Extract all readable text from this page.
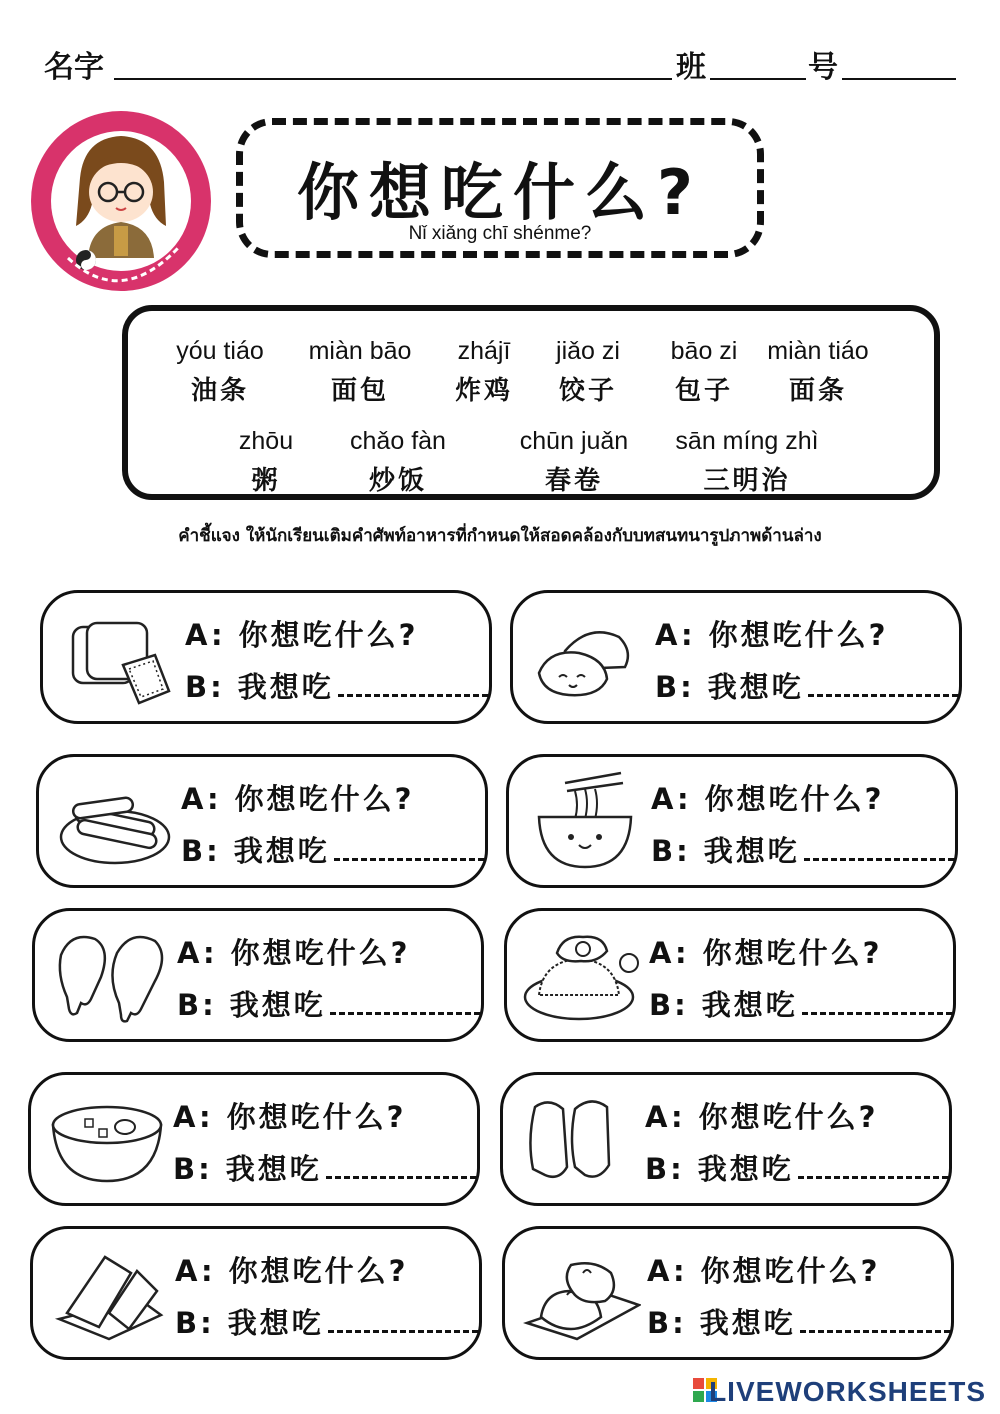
名字	班	号
你想吃什么?
Nǐ xiǎng chī shénme?
yóu tiáo
油条
miàn bāo
面包
zhájī
炸鸡
jiǎo zi
饺子
bāo zi
包子
miàn tiáo
面条
zhōu
粥
chǎo fàn
炒饭
chūn juǎn
春卷
sān míng zhì
三明治
คำชี้แจง ให้นักเรียนเติมคำศัพท์อาหารที่กำหนดให้สอดคล้องกับบทสนทนารูปภาพด้านล่าง
A: 你想吃什么?
B: 我想吃
A: 你想吃什么?
B: 我想吃
A: 你想吃什么?
B: 我想吃
A: 你想吃什么?
B: 我想吃
A: 你想吃什么?
B: 我想吃
A: 你想吃什么?
B: 我想吃
A: 你想吃什么?
B: 我想吃
A: 你想吃什么?
B: 我想吃
A: 你想吃什么?
B: 我想吃
A: 你想吃什么?
B: 我想吃
LIVEWORKSHEETS
